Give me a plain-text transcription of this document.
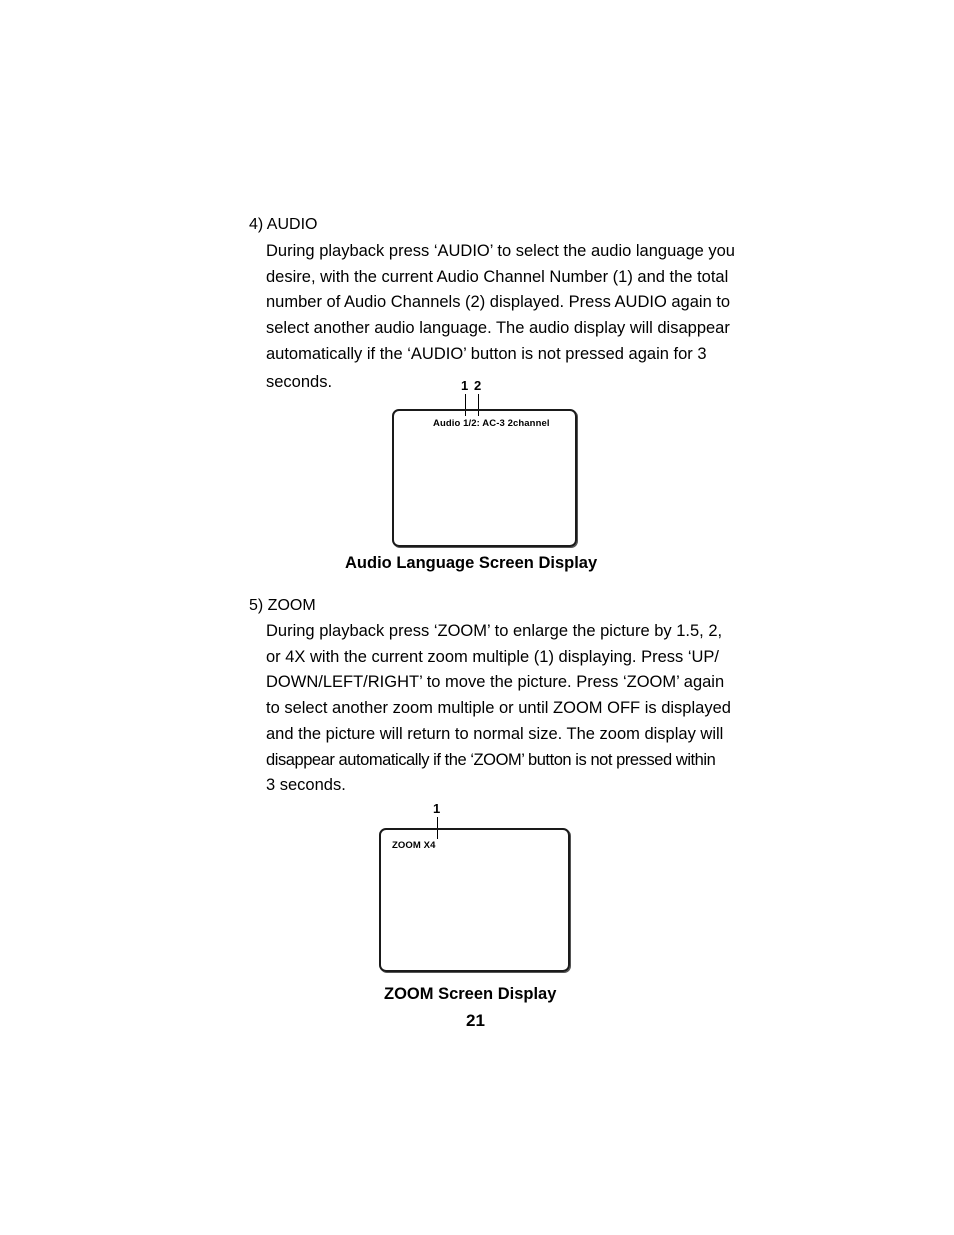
4) AUDIO

During playback press ‘AUDIO’ to select the audio language you

desire, with the current Audio Channel Number (1) and the total

number of Audio Channels (2) displayed. Press AUDIO again to

select another audio language. The audio display will disappear

automatically if the ‘AUDIO’ button is not pressed again for 3

seconds.	1 2
Audio 1/2: AC-3 2channel
Audio Language Screen Display
5) ZOOM

During playback press ‘ZOOM’ to enlarge the picture by 1.5, 2,

or 4X with the current zoom multiple (1) displaying. Press ‘UP/

DOWN/LEFT/RIGHT’ to move the picture. Press ‘ZOOM’ again

to select another zoom multiple or until ZOOM OFF is displayed

and the picture will return to normal size. The zoom display will

disappear automatically if the ‘ZOOM’ button is not pressed within

3 seconds.

1
ZOOM X4
ZOOM Screen Display
21
